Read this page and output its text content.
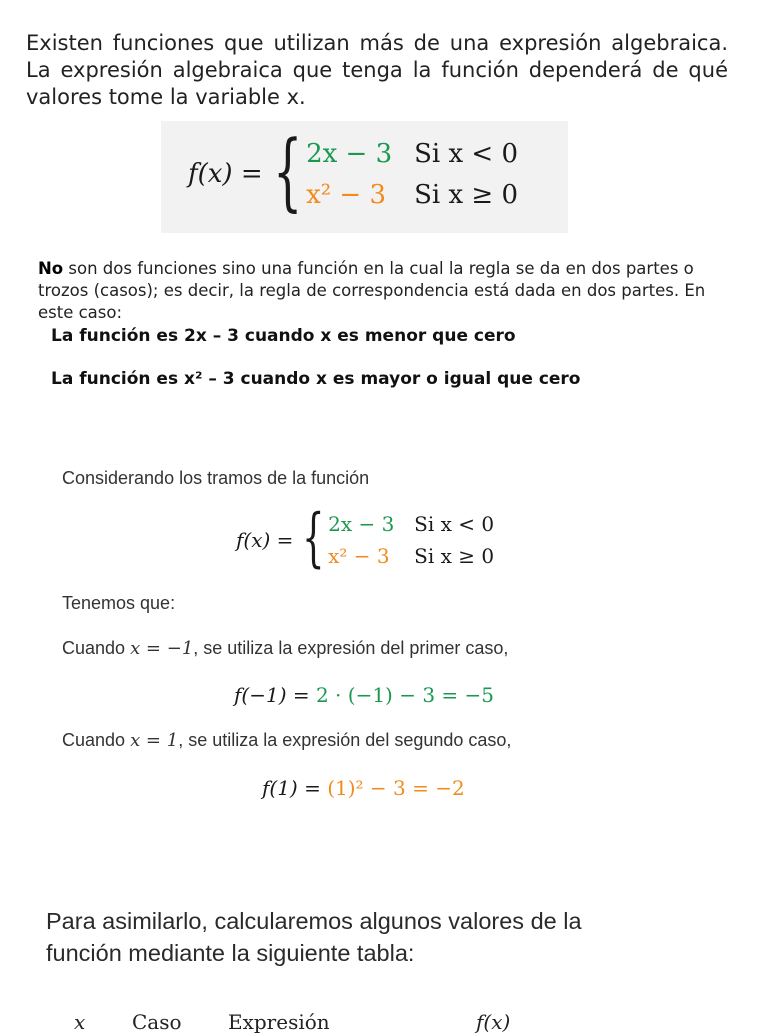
Existen funciones que utilizan más de una expresión algebraica. La expresión algebraica que tenga la función dependerá de qué valores tome la variable x.
f(x) = { 2x − 3 Si x < 0
x² − 3	Si x ≥ 0
No son dos funciones sino una función en la cual la regla se da en dos partes o trozos (casos); es decir, la regla de correspondencia está dada en dos partes. En este caso:
La función es 2x – 3 cuando x es menor que cero
La función es x² – 3 cuando x es mayor o igual que cero
Considerando los tramos de la función
f(x) = { 2x − 3 Si x < 0
x² − 3	Si x ≥ 0
Tenemos que:
Cuando x = −1, se utiliza la expresión del primer caso,
f(−1) = 2 · (−1) − 3 = −5
Cuando x = 1, se utiliza la expresión del segundo caso,
f(1) = (1)² − 3 = −2
Para asimilarlo, calcularemos algunos valores de la función mediante la siguiente tabla:
x Caso Expresión	f(x)
